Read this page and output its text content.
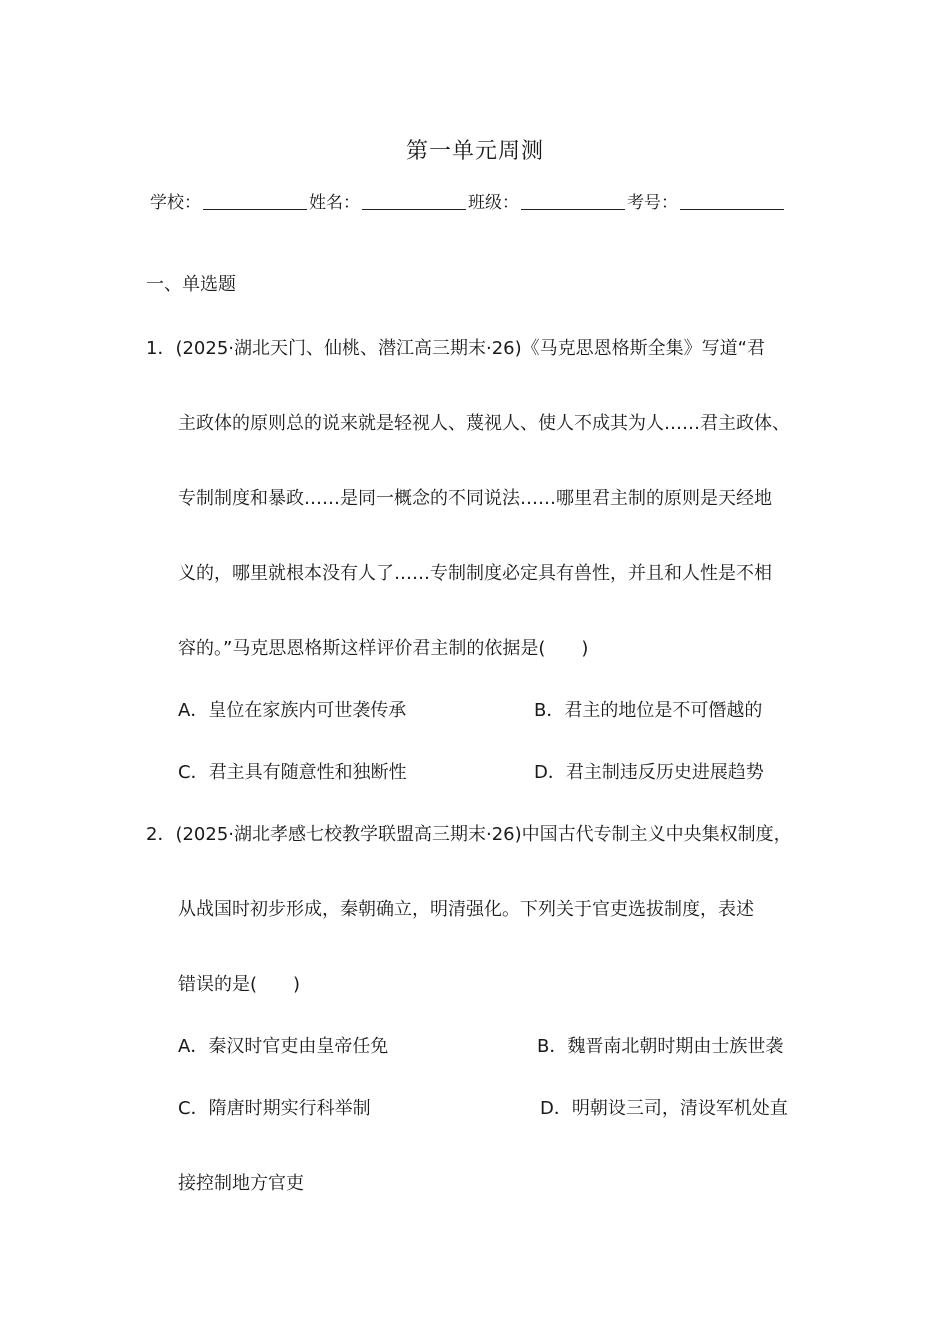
第一单元周测
学校：	姓名：	班级：	考号：
一、单选题
1．(2025·湖北天门、仙桃、潜江高三期末·26)《马克思恩格斯全集》写道“君
主政体的原则总的说来就是轻视人、蔑视人、使人不成其为人……君主政体、
专制制度和暴政……是同一概念的不同说法……哪里君主制的原则是天经地
义的，哪里就根本没有人了……专制制度必定具有兽性，并且和人性是不相
容的。”马克思恩格斯这样评价君主制的依据是(　　)
A．皇位在家族内可世袭传承	B．君主的地位是不可僭越的
C．君主具有随意性和独断性	D．君主制违反历史进展趋势
2．(2025·湖北孝感七校教学联盟高三期末·26)中国古代专制主义中央集权制度，
从战国时初步形成，秦朝确立，明清强化。下列关于官吏选拔制度，表述
错误的是(　　)
A．秦汉时官吏由皇帝任免	B．魏晋南北朝时期由士族世袭
C．隋唐时期实行科举制	D．明朝设三司，清设军机处直
接控制地方官吏
